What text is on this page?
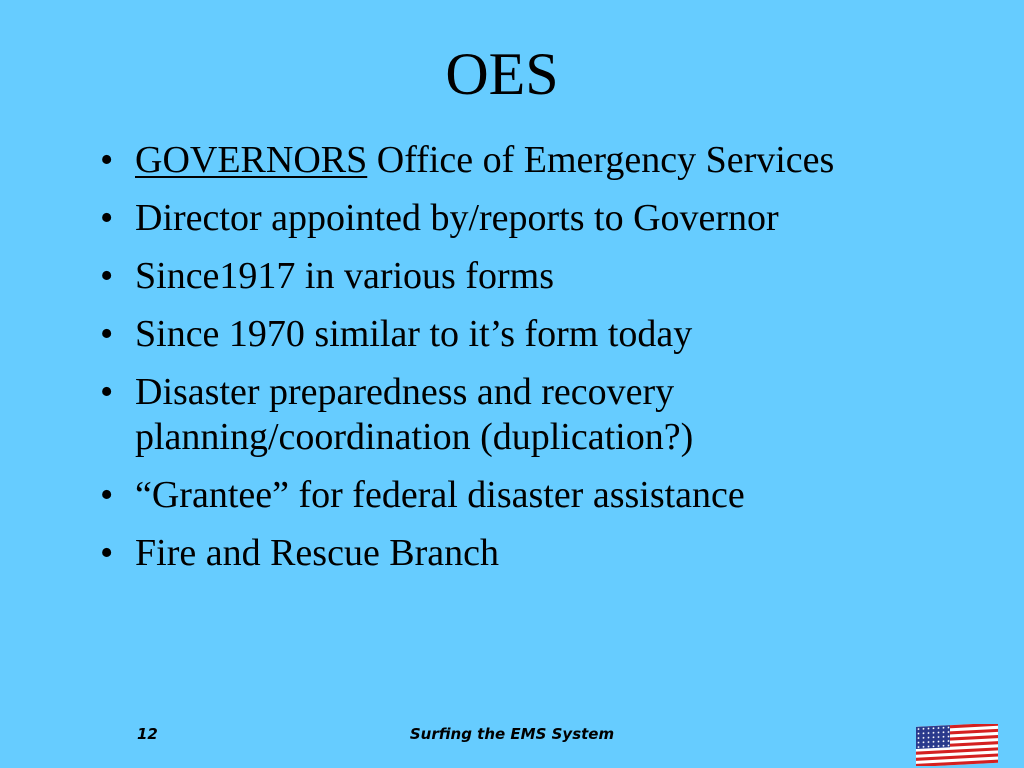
OES
• GOVERNORS Office of Emergency Services
• Director appointed by/reports to Governor
• Since1917 in various forms
• Since 1970 similar to it’s form today
• Disaster preparedness and recovery planning/coordination (duplication?)
• “Grantee” for federal disaster assistance
• Fire and Rescue Branch
12	Surfing the EMS System
